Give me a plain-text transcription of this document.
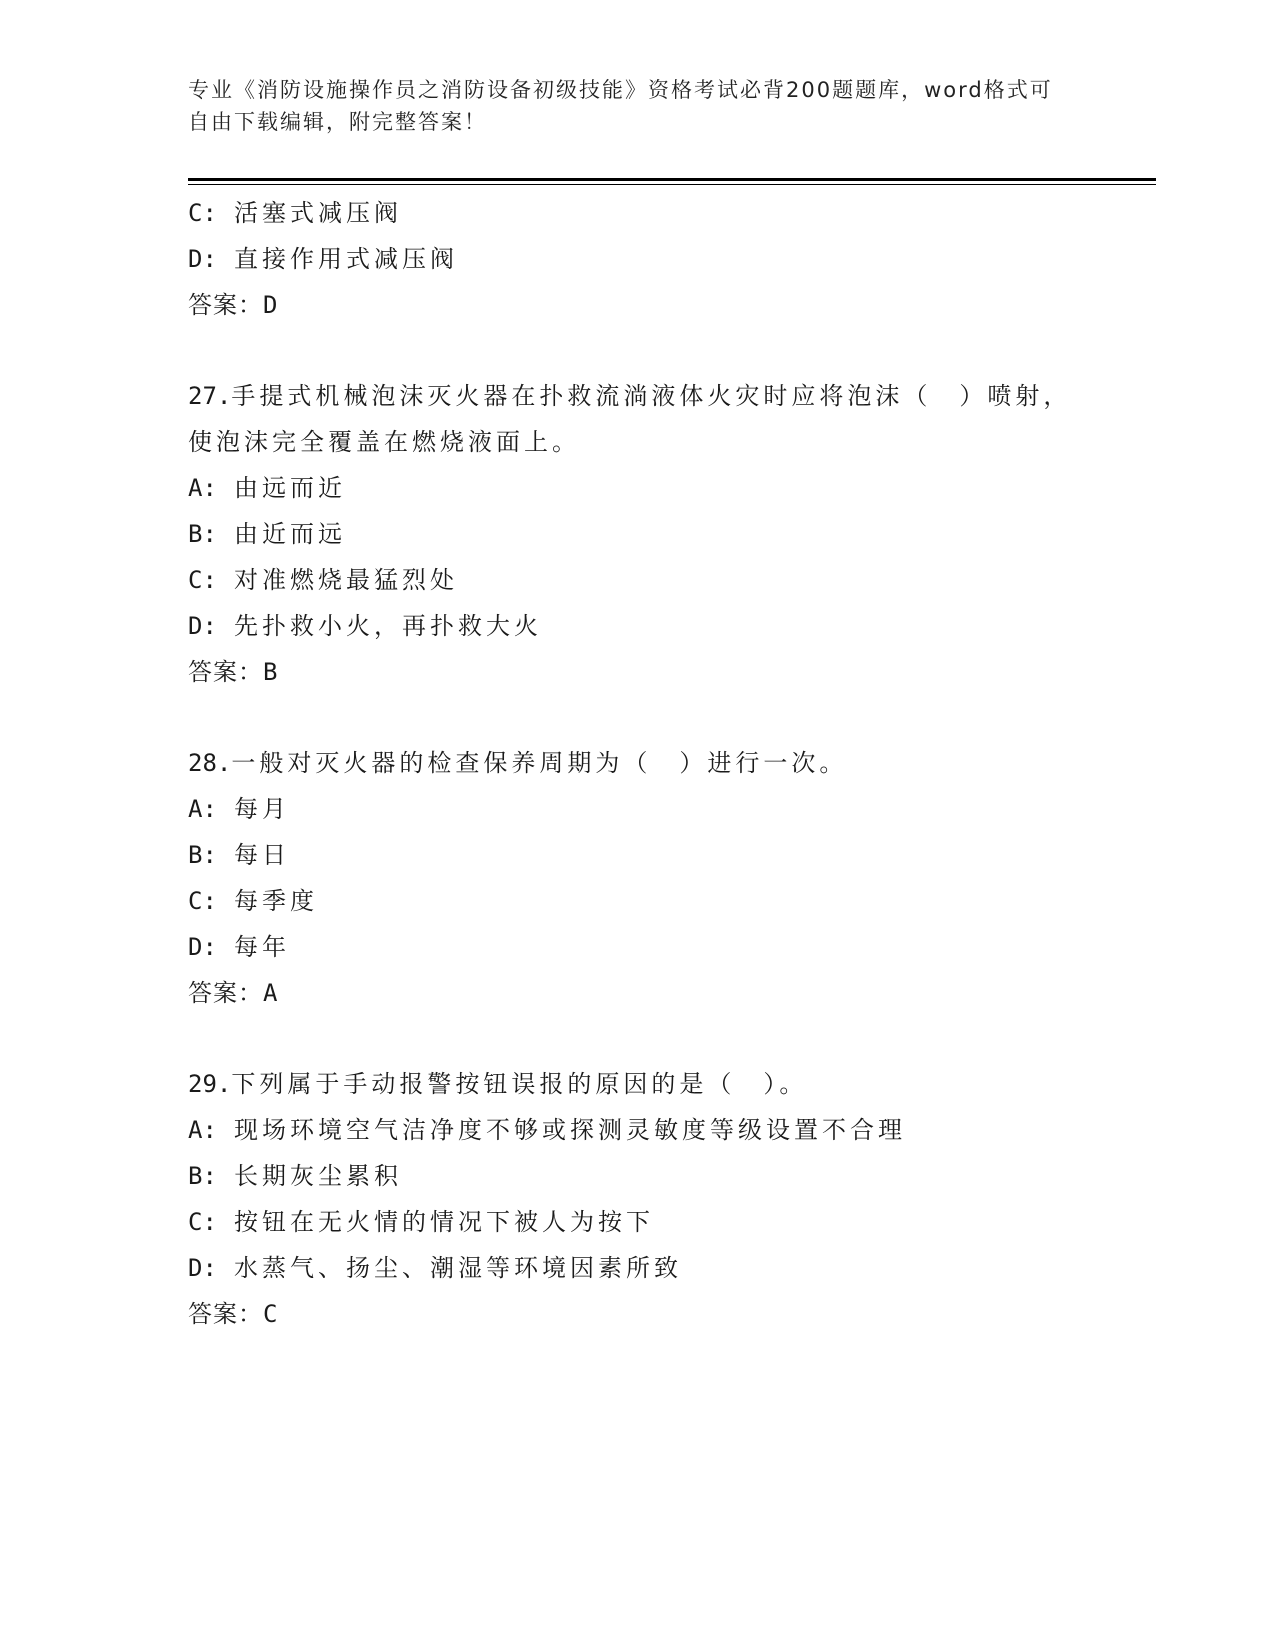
专业《消防设施操作员之消防设备初级技能》资格考试必背200题题库，word格式可自由下载编辑，附完整答案！
C: 活塞式减压阀
D: 直接作用式减压阀
答案：D
27.手提式机械泡沫灭火器在扑救流淌液体火灾时应将泡沫（　）喷射，使泡沫完全覆盖在燃烧液面上。
A: 由远而近
B: 由近而远
C: 对准燃烧最猛烈处
D: 先扑救小火，再扑救大火
答案：B
28.一般对灭火器的检查保养周期为（　）进行一次。
A: 每月
B: 每日
C: 每季度
D: 每年
答案：A
29.下列属于手动报警按钮误报的原因的是（　）。
A: 现场环境空气洁净度不够或探测灵敏度等级设置不合理
B: 长期灰尘累积
C: 按钮在无火情的情况下被人为按下
D: 水蒸气、扬尘、潮湿等环境因素所致
答案：C
